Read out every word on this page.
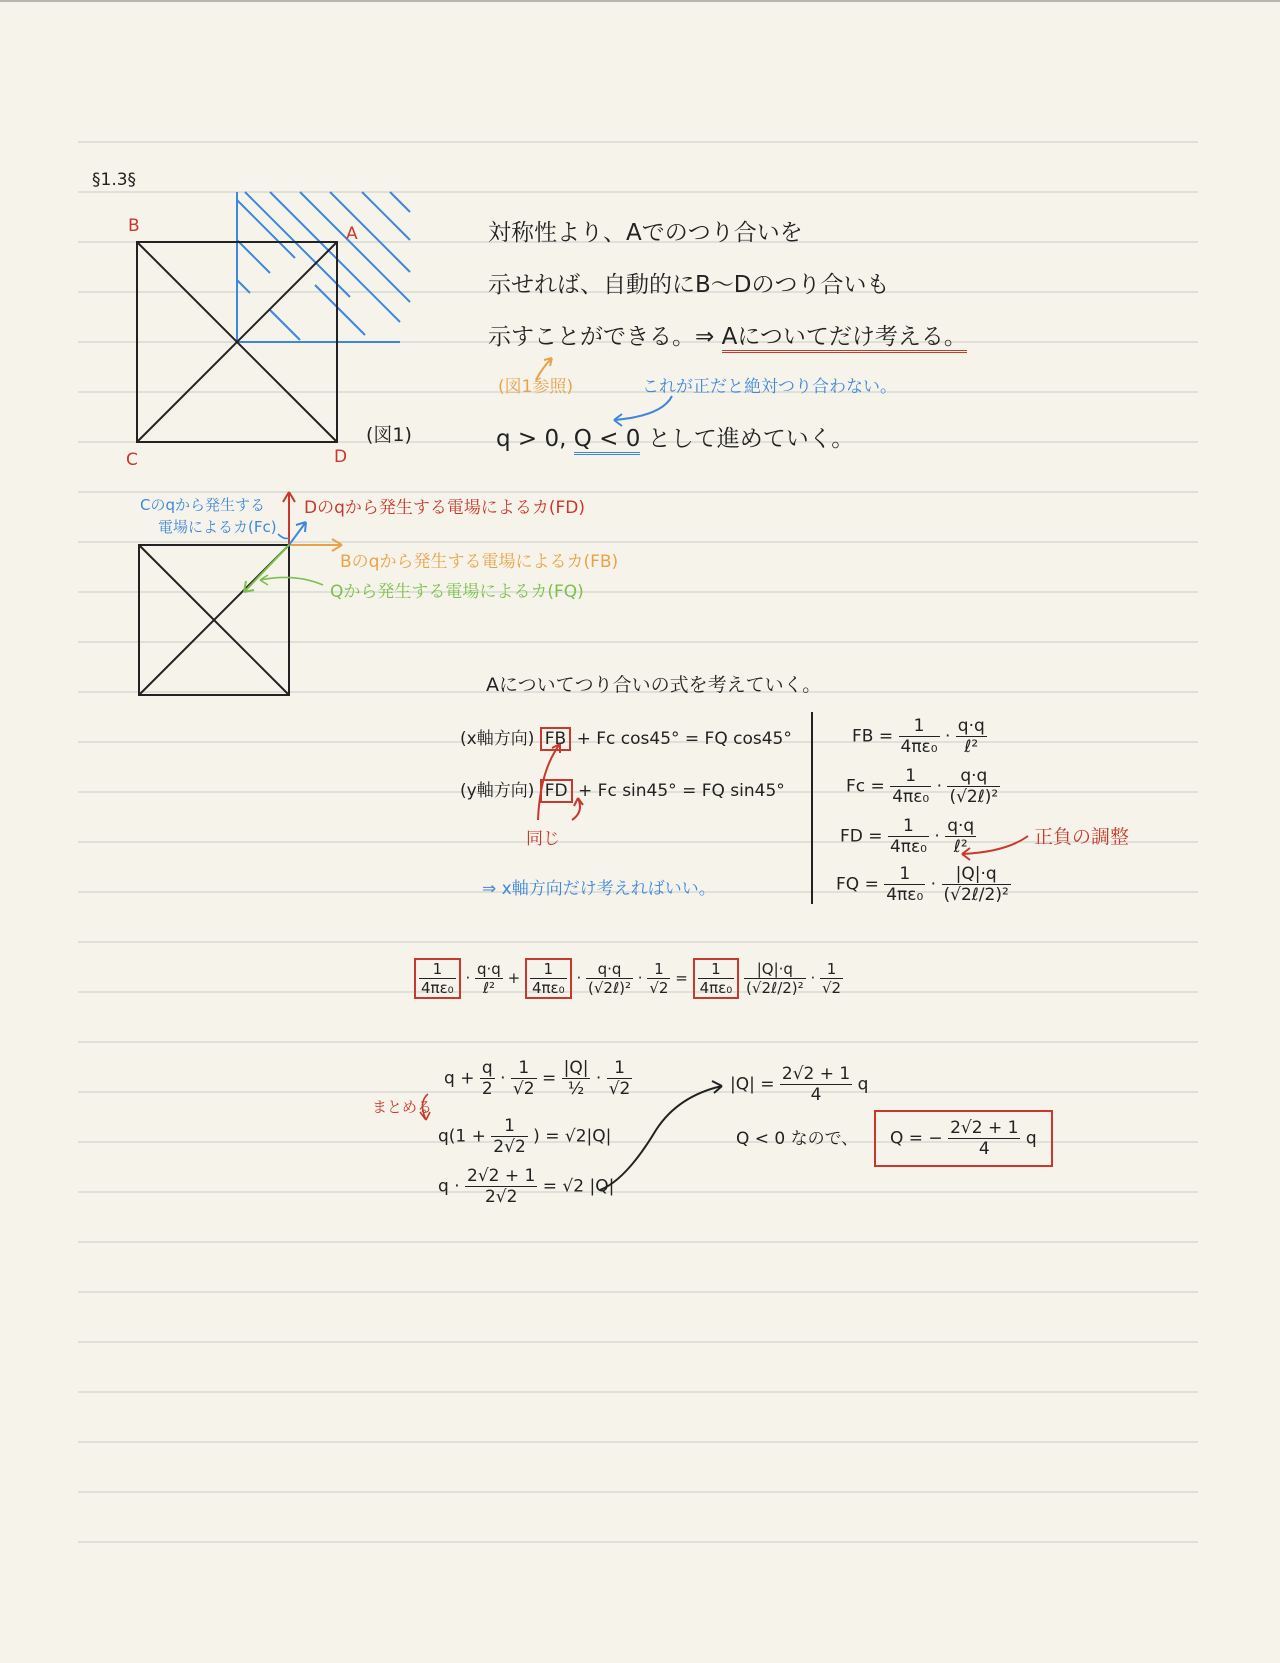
§1.3§
B	A
C	D
(図1)
対称性より、Aでのつり合いを
示せれば、自動的にB〜Dのつり合いも
示すことができる。⇒ Aについてだけ考える。
(図1参照)	これが正だと絶対つり合わない。
q > 0, Q < 0 として進めていく。
Cのqから発生する
電場によるカ(Fc)
Dのqから発生する電場によるカ(FD)
Bのqから発生する電場によるカ(FB)
Qから発生する電場によるカ(FQ)
Aについてつり合いの式を考えていく。
(x軸方向) FB + Fc cos45° = FQ cos45°
(y軸方向) FD + Fc sin45° = FQ sin45°
同じ
⇒ x軸方向だけ考えればいい。
FB = $\frac{1}{\text{4πε₀}} \cdot \frac{q\cdot q}{\text{ℓ²}}$
$Fc = \frac{1}{\text{4πε₀}} \cdot \frac{q\cdot q}{\text{(√2ℓ)²}}$
FD = $\frac{1}{\text{4πε₀}} \cdot \frac{q\cdot q}{\text{ℓ²}}$
FQ = $\frac{1}{\text{4πε₀}} \cdot \frac{|Q|\cdot q}{\text{(√2ℓ/2)²}}$
正負の調整
$\frac{1}{\text{4πε₀}} \cdot \frac{q\cdot q}{\text{ℓ²}} + \frac{1}{\text{4πε₀}} \cdot \frac{q\cdot q}{\text{(√2ℓ)²}} \cdot \frac{1}{√2} = \frac{1}{\text{4πε₀}}$
$\frac{|Q|\cdot q}{\text{(√2ℓ/2)²}} \cdot \frac{1}{√2}$
まとめる
$q + \frac{q}{2} \cdot \frac{1}{√2} = \frac{|Q|}{\text{½}} \cdot \frac{1}{√2}$
$q(1 + \frac{1}{2√2}$ ) = √2|Q|
$q \cdot \frac{2√2 + 1}{2√2} = √2$ |Q|
$|Q| = \frac{2√2 + 1}{4}$ q
Q < 0 なので、	Q = − $\frac{2√2 + 1}{4}$ q
